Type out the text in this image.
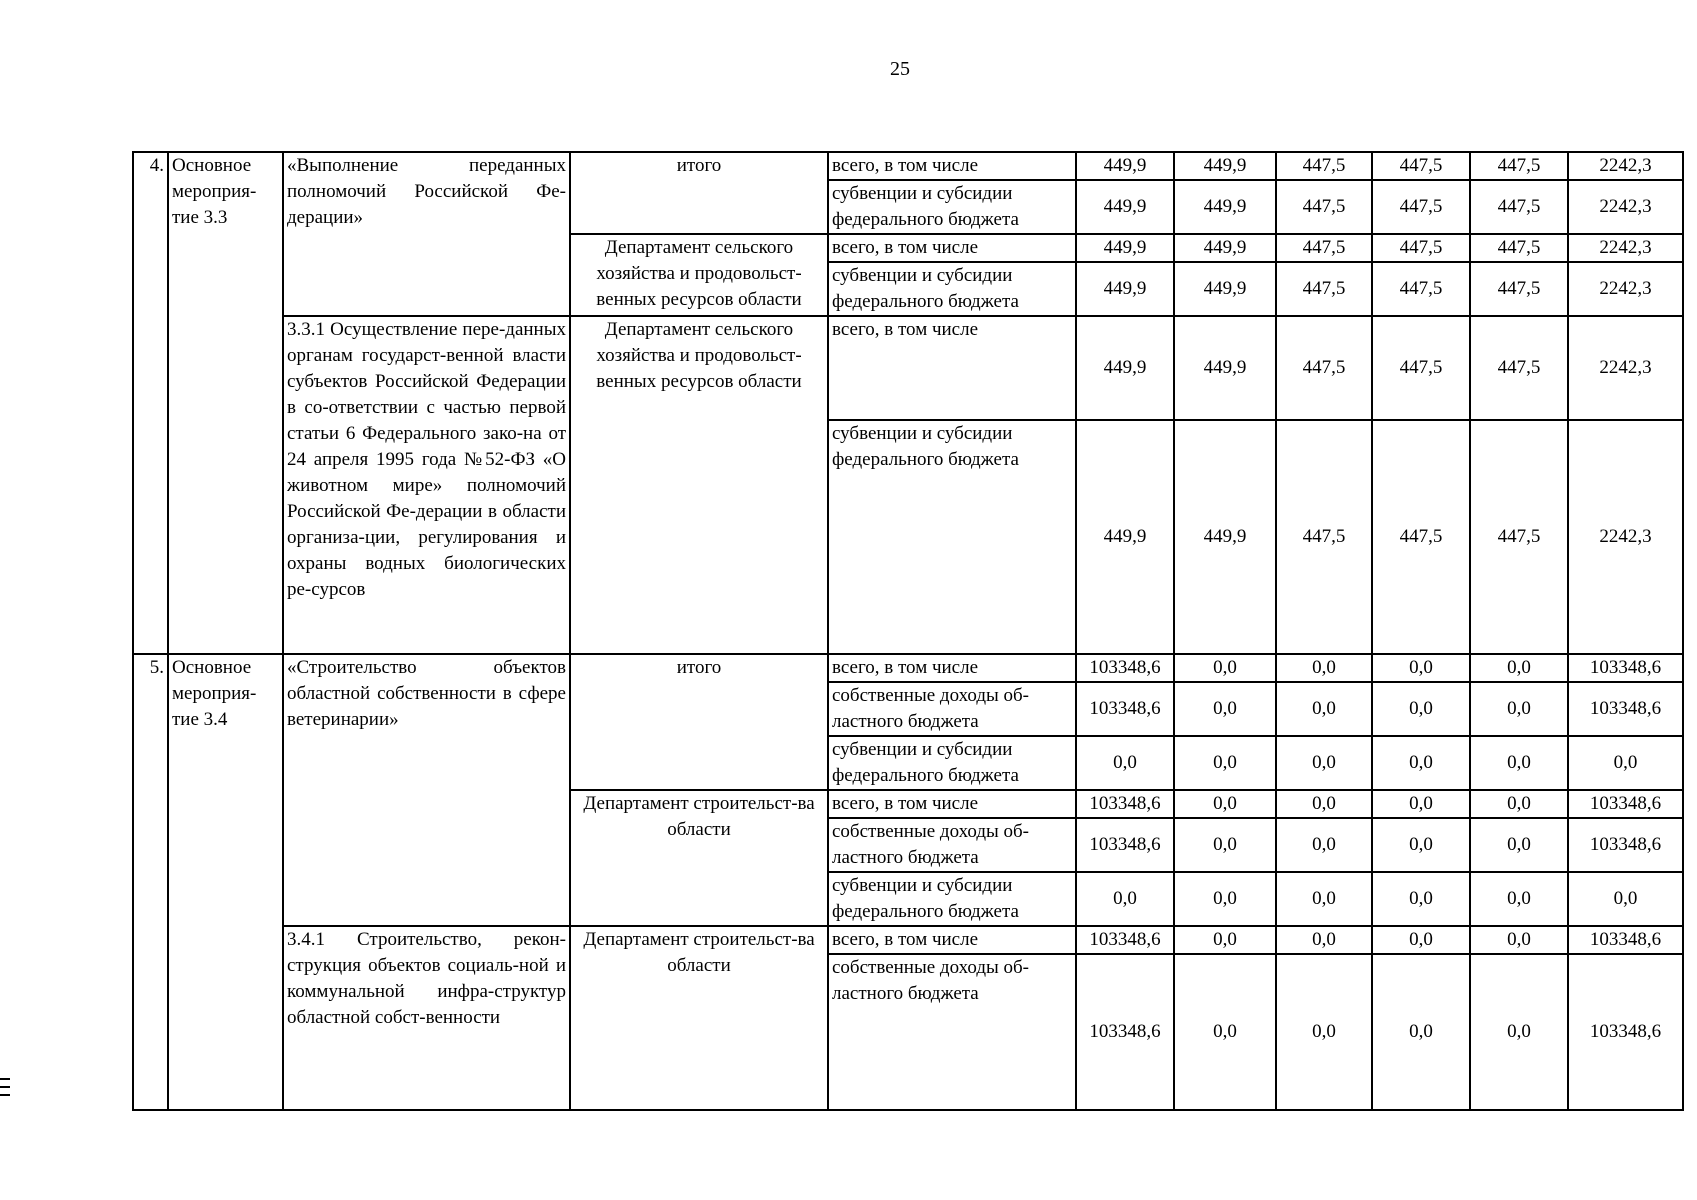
25
4.	Основное мероприя-тие 3.3	«Выполнение переданных полномочий Российской Фе-дерации»	итого	всего, в том числе	449,9	449,9	447,5	447,5	447,5	2242,3
				субвенции и субсидии федерального бюджета	449,9	449,9	447,5	447,5	447,5	2242,3
			Департамент сельского хозяйства и продовольст-венных ресурсов области	всего, в том числе	449,9	449,9	447,5	447,5	447,5	2242,3
				субвенции и субсидии федерального бюджета	449,9	449,9	447,5	447,5	447,5	2242,3
		3.3.1 Осуществление пере-данных органам государст-венной власти субъектов Российской Федерации в со-ответствии с частью первой статьи 6 Федерального зако-на от 24 апреля 1995 года №52-ФЗ «О животном мире» полномочий Российской Фе-дерации в области организа-ции, регулирования и охраны водных биологических ре-сурсов	Департамент сельского хозяйства и продовольст-венных ресурсов области	всего, в том числе	449,9	449,9	447,5	447,5	447,5	2242,3
				субвенции и субсидии федерального бюджета	449,9	449,9	447,5	447,5	447,5	2242,3
5.	Основное мероприя-тие 3.4	«Строительство объектов областной собственности в сфере ветеринарии»	итого	всего, в том числе	103348,6	0,0	0,0	0,0	0,0	103348,6
				собственные доходы об-ластного бюджета	103348,6	0,0	0,0	0,0	0,0	103348,6
				субвенции и субсидии федерального бюджета	0,0	0,0	0,0	0,0	0,0	0,0
			Департамент строительст-ва области	всего, в том числе	103348,6	0,0	0,0	0,0	0,0	103348,6
				собственные доходы об-ластного бюджета	103348,6	0,0	0,0	0,0	0,0	103348,6
				субвенции и субсидии федерального бюджета	0,0	0,0	0,0	0,0	0,0	0,0
		3.4.1 Строительство, рекон-струкция объектов социаль-ной и коммунальной инфра-структур областной собст-венности	Департамент строительст-ва области	всего, в том числе	103348,6	0,0	0,0	0,0	0,0	103348,6
				собственные доходы об-ластного бюджета	103348,6	0,0	0,0	0,0	0,0	103348,6
